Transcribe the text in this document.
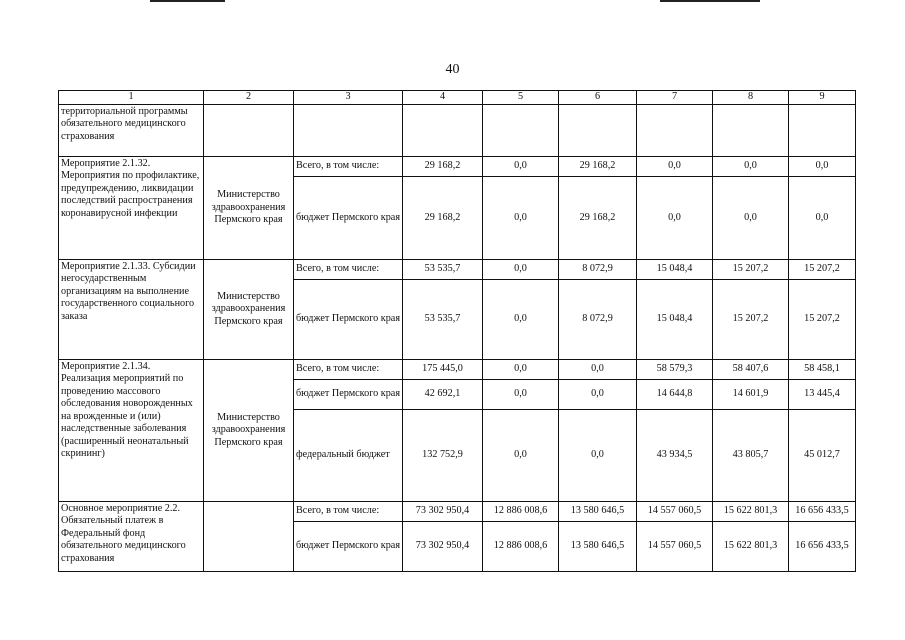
40
1	2	3	4	5	6	7	8	9
территориальной программы обязательного медицинского страхования								
Мероприятие 2.1.32. Мероприятия по профилактике, предупреждению, ликвидации последствий распространения коронавирусной инфекции	Министерство здравоохранения Пермского края	Всего, в том числе:	29 168,2	0,0	29 168,2	0,0	0,0	0,0
		бюджет Пермского края	29 168,2	0,0	29 168,2	0,0	0,0	0,0
Мероприятие 2.1.33. Субсидии негосударственным организациям на выполнение государственного социального заказа	Министерство здравоохранения Пермского края	Всего, в том числе:	53 535,7	0,0	8 072,9	15 048,4	15 207,2	15 207,2
		бюджет Пермского края	53 535,7	0,0	8 072,9	15 048,4	15 207,2	15 207,2
Мероприятие 2.1.34. Реализация мероприятий по проведению массового обследования новорожденных на врожденные и (или) наследственные заболевания (расширенный неонатальный скрининг)	Министерство здравоохранения Пермского края	Всего, в том числе:	175 445,0	0,0	0,0	58 579,3	58 407,6	58 458,1
		бюджет Пермского края	42 692,1	0,0	0,0	14 644,8	14 601,9	13 445,4
		федеральный бюджет	132 752,9	0,0	0,0	43 934,5	43 805,7	45 012,7
Основное мероприятие 2.2. Обязательный платеж в Федеральный фонд обязательного медицинского страхования		Всего, в том числе:	73 302 950,4	12 886 008,6	13 580 646,5	14 557 060,5	15 622 801,3	16 656 433,5
		бюджет Пермского края	73 302 950,4	12 886 008,6	13 580 646,5	14 557 060,5	15 622 801,3	16 656 433,5
